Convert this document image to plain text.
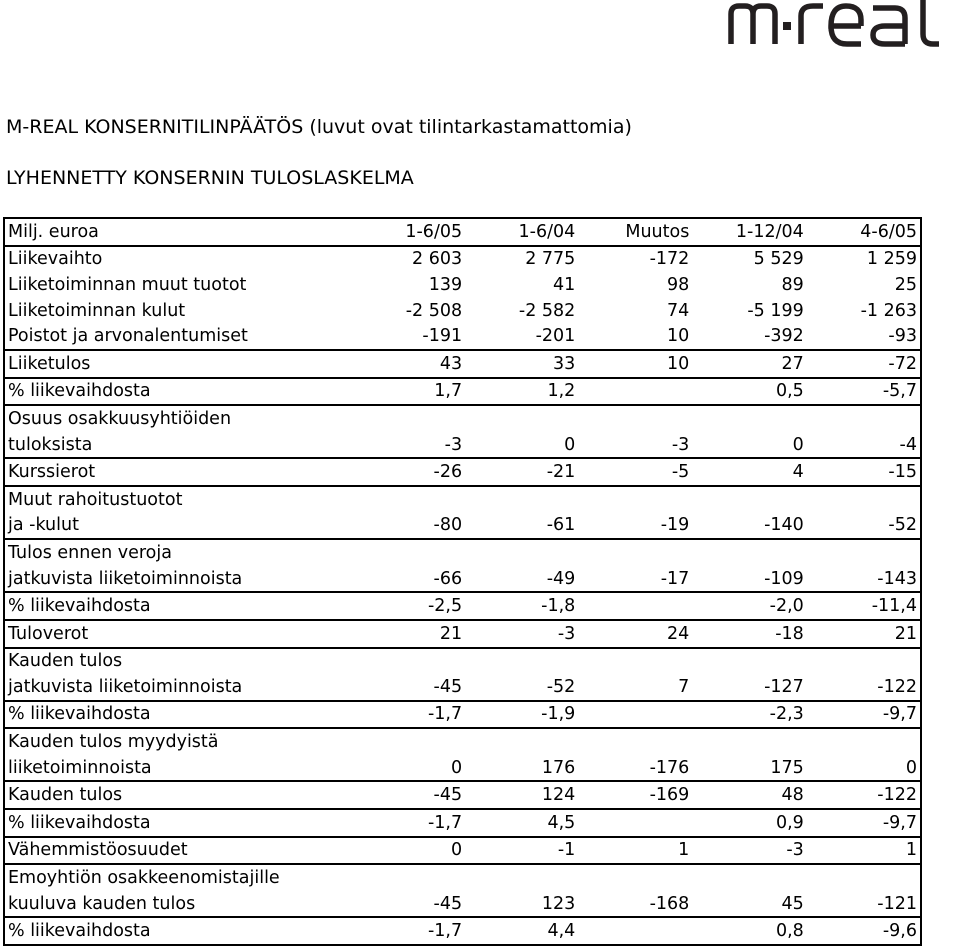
m·real
M-REAL KONSERNITILINPÄÄTÖS (luvut ovat tilintarkastamattomia)
LYHENNETTY KONSERNIN TULOSLASKELMA
Milj. euroa	1-6/05	1-6/04	Muutos	1-12/04	4-6/05
Liikevaihto	2 603	2 775	-172	5 529	1 259
Liiketoiminnan muut tuotot	139	41	98	89	25
Liiketoiminnan kulut	-2 508	-2 582	74	-5 199	-1 263
Poistot ja arvonalentumiset	-191	-201	10	-392	-93
Liiketulos	43	33	10	27	-72
% liikevaihdosta	1,7	1,2		0,5	-5,7
Osuus osakkuusyhtiöiden					
tuloksista	-3	0	-3	0	-4
Kurssierot	-26	-21	-5	4	-15
Muut rahoitustuotot					
ja -kulut	-80	-61	-19	-140	-52
Tulos ennen veroja					
jatkuvista liiketoiminnoista	-66	-49	-17	-109	-143
% liikevaihdosta	-2,5	-1,8		-2,0	-11,4
Tuloverot	21	-3	24	-18	21
Kauden tulos					
jatkuvista liiketoiminnoista	-45	-52	7	-127	-122
% liikevaihdosta	-1,7	-1,9		-2,3	-9,7
Kauden tulos myydyistä					
liiketoiminnoista	0	176	-176	175	0
Kauden tulos	-45	124	-169	48	-122
% liikevaihdosta	-1,7	4,5		0,9	-9,7
Vähemmistöosuudet	0	-1	1	-3	1
Emoyhtiön osakkeenomistajille					
kuuluva kauden tulos	-45	123	-168	45	-121
% liikevaihdosta	-1,7	4,4		0,8	-9,6
